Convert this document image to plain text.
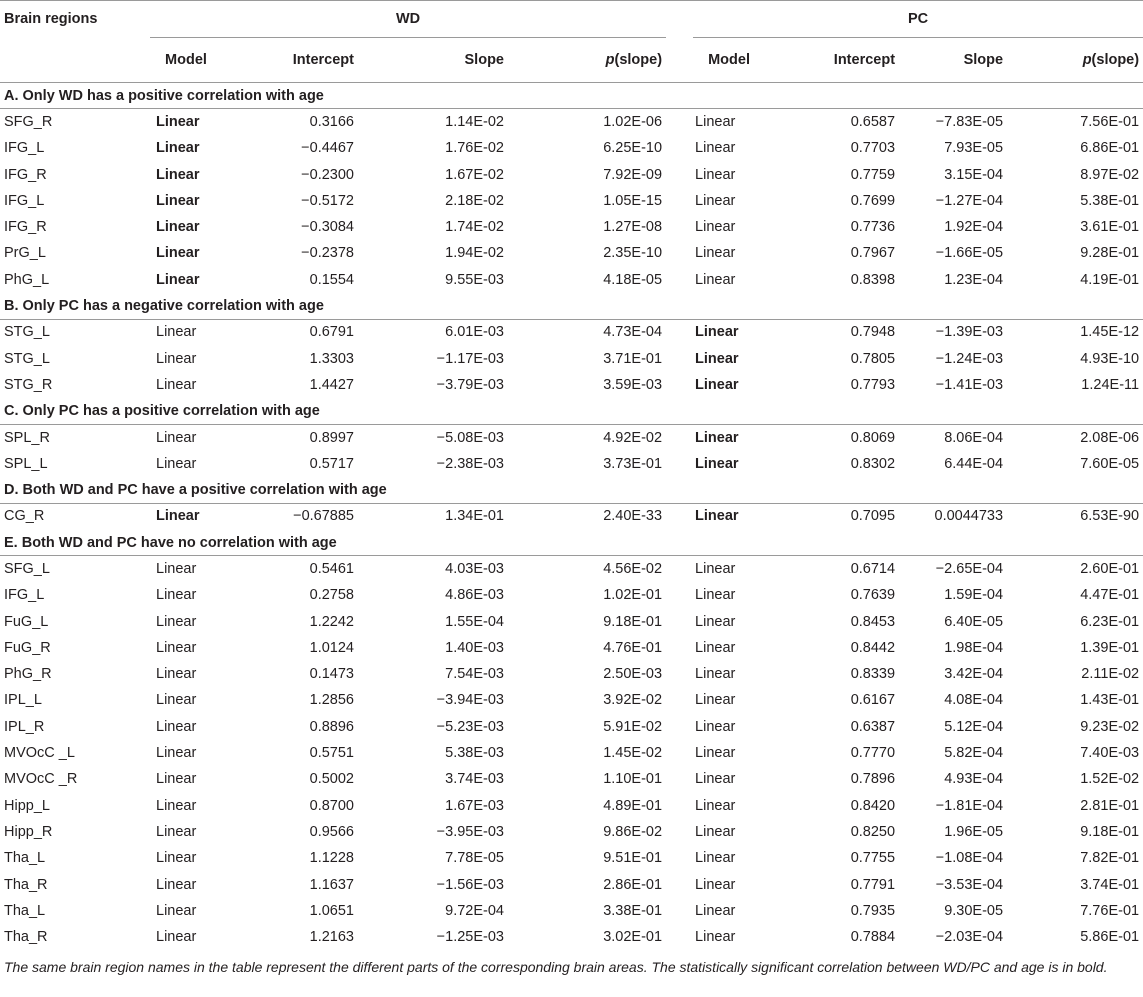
Brain regions	WD					PC			
	Model	Intercept	Slope	p(slope)		Model	Intercept	Slope	p(slope)
A. Only WD has a positive correlation with age									
SFG_R	Linear	0.3166	1.14E-02	1.02E-06		Linear	0.6587	−7.83E-05	7.56E-01
IFG_L	Linear	−0.4467	1.76E-02	6.25E-10		Linear	0.7703	7.93E-05	6.86E-01
IFG_R	Linear	−0.2300	1.67E-02	7.92E-09		Linear	0.7759	3.15E-04	8.97E-02
IFG_L	Linear	−0.5172	2.18E-02	1.05E-15		Linear	0.7699	−1.27E-04	5.38E-01
IFG_R	Linear	−0.3084	1.74E-02	1.27E-08		Linear	0.7736	1.92E-04	3.61E-01
PrG_L	Linear	−0.2378	1.94E-02	2.35E-10		Linear	0.7967	−1.66E-05	9.28E-01
PhG_L	Linear	0.1554	9.55E-03	4.18E-05		Linear	0.8398	1.23E-04	4.19E-01
B. Only PC has a negative correlation with age									
STG_L	Linear	0.6791	6.01E-03	4.73E-04		Linear	0.7948	−1.39E-03	1.45E-12
STG_L	Linear	1.3303	−1.17E-03	3.71E-01		Linear	0.7805	−1.24E-03	4.93E-10
STG_R	Linear	1.4427	−3.79E-03	3.59E-03		Linear	0.7793	−1.41E-03	1.24E-11
C. Only PC has a positive correlation with age									
SPL_R	Linear	0.8997	−5.08E-03	4.92E-02		Linear	0.8069	8.06E-04	2.08E-06
SPL_L	Linear	0.5717	−2.38E-03	3.73E-01		Linear	0.8302	6.44E-04	7.60E-05
D. Both WD and PC have a positive correlation with age									
CG_R	Linear	−0.67885	1.34E-01	2.40E-33		Linear	0.7095	0.0044733	6.53E-90
E. Both WD and PC have no correlation with age									
SFG_L	Linear	0.5461	4.03E-03	4.56E-02		Linear	0.6714	−2.65E-04	2.60E-01
IFG_L	Linear	0.2758	4.86E-03	1.02E-01		Linear	0.7639	1.59E-04	4.47E-01
FuG_L	Linear	1.2242	1.55E-04	9.18E-01		Linear	0.8453	6.40E-05	6.23E-01
FuG_R	Linear	1.0124	1.40E-03	4.76E-01		Linear	0.8442	1.98E-04	1.39E-01
PhG_R	Linear	0.1473	7.54E-03	2.50E-03		Linear	0.8339	3.42E-04	2.11E-02
IPL_L	Linear	1.2856	−3.94E-03	3.92E-02		Linear	0.6167	4.08E-04	1.43E-01
IPL_R	Linear	0.8896	−5.23E-03	5.91E-02		Linear	0.6387	5.12E-04	9.23E-02
MVOcC _L	Linear	0.5751	5.38E-03	1.45E-02		Linear	0.7770	5.82E-04	7.40E-03
MVOcC _R	Linear	0.5002	3.74E-03	1.10E-01		Linear	0.7896	4.93E-04	1.52E-02
Hipp_L	Linear	0.8700	1.67E-03	4.89E-01		Linear	0.8420	−1.81E-04	2.81E-01
Hipp_R	Linear	0.9566	−3.95E-03	9.86E-02		Linear	0.8250	1.96E-05	9.18E-01
Tha_L	Linear	1.1228	7.78E-05	9.51E-01		Linear	0.7755	−1.08E-04	7.82E-01
Tha_R	Linear	1.1637	−1.56E-03	2.86E-01		Linear	0.7791	−3.53E-04	3.74E-01
Tha_L	Linear	1.0651	9.72E-04	3.38E-01		Linear	0.7935	9.30E-05	7.76E-01
Tha_R	Linear	1.2163	−1.25E-03	3.02E-01		Linear	0.7884	−2.03E-04	5.86E-01
The same brain region names in the table represent the different parts of the corresponding brain areas. The statistically significant correlation between WD/PC and age is in bold.
